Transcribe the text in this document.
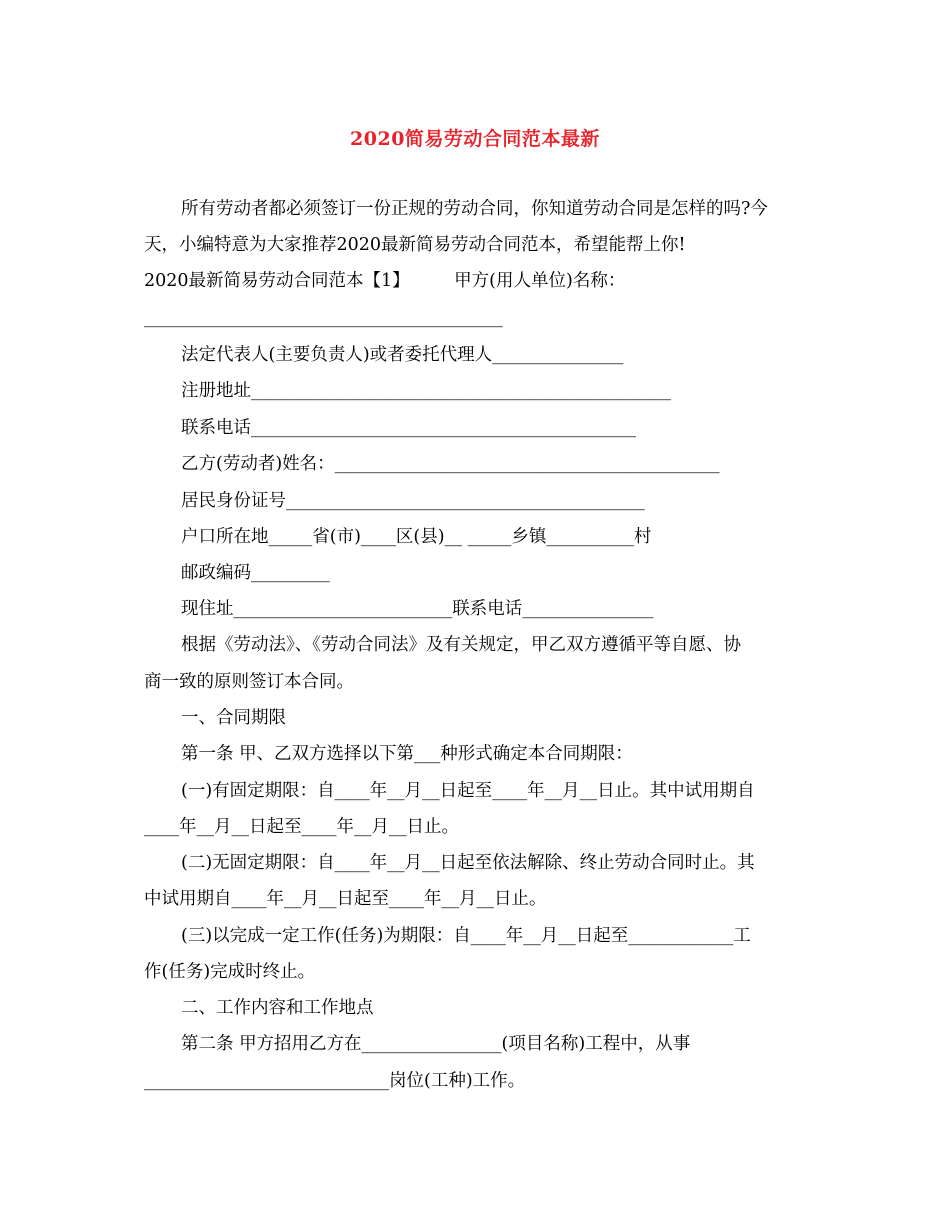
2020简易劳动合同范本最新
所有劳动者都必须签订一份正规的劳动合同，你知道劳动合同是怎样的吗?今
天，小编特意为大家推荐2020最新简易劳动合同范本，希望能帮上你!
2020最新简易劳动合同范本【1】        甲方(用人单位)名称：
_________________________________________
法定代表人(主要负责人)或者委托代理人_______________
注册地址________________________________________________
联系电话____________________________________________
乙方(劳动者)姓名：____________________________________________
居民身份证号_________________________________________
户口所在地_____省(市)____区(县)__ _____乡镇__________村
邮政编码_________
现住址_________________________联系电话_______________
根据《劳动法》、《劳动合同法》及有关规定，甲乙双方遵循平等自愿、协
商一致的原则签订本合同。
一、合同期限
第一条 甲、乙双方选择以下第___种形式确定本合同期限：
(一)有固定期限：自____年__月__日起至____年__月__日止。其中试用期自
____年__月__日起至____年__月__日止。
(二)无固定期限：自____年__月__日起至依法解除、终止劳动合同时止。其
中试用期自____年__月__日起至____年__月__日止。
(三)以完成一定工作(任务)为期限：自____年__月__日起至____________工
作(任务)完成时终止。
二、工作内容和工作地点
第二条 甲方招用乙方在________________(项目名称)工程中，从事
____________________________岗位(工种)工作。
